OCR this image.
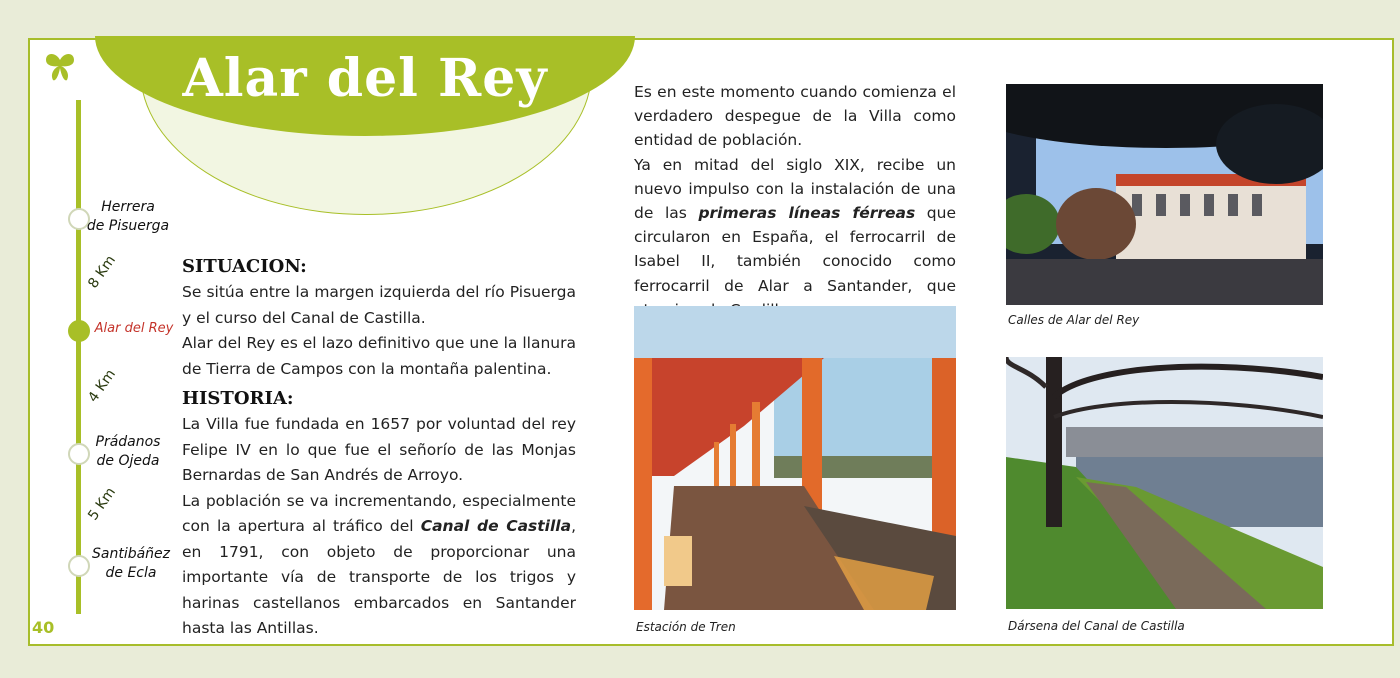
Alar del Rey
Herrera
de Pisuerga
8 Km
Alar del Rey
4 Km
Prádanos
de Ojeda
5 Km
Santibáñez
de Ecla
40
SITUACION:

Se sitúa entre la margen izquierda del río Pisuerga y el curso del Canal de Castilla.

Alar del Rey es el lazo definitivo que une la llanura de Tierra de Campos con la montaña palentina.

HISTORIA:

La Villa fue fundada en 1657 por voluntad del rey Felipe IV en lo que fue el señorío de las Monjas Bernardas de San Andrés de Arroyo.

La población se va incrementando, especialmente con la apertura al tráfico del Canal de Castilla, en 1791, con objeto de proporcionar una importante vía de transporte de los trigos y harinas castellanos embarcados en Santander hasta las Antillas.

Es en este momento cuando comienza el verdadero despegue de la Villa como entidad de población.

Ya en mitad del siglo XIX, recibe un nuevo impulso con la instalación de una de las primeras líneas férreas que circularon en España, el ferrocarril de Isabel II, también conocido como ferrocarril de Alar a Santander, que

Estación de Tren
Calles de Alar del Rey
Dársena del Canal de Castilla
